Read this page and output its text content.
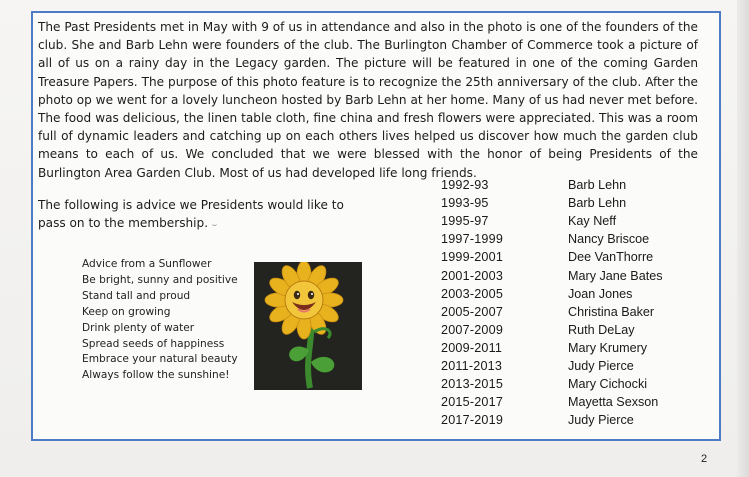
The Past Presidents met in May with 9 of us in attendance and also in the photo is one of the founders of the club. She and Barb Lehn were founders of the club. The Burlington Chamber of Commerce took a picture of all of us on a rainy day in the Legacy garden. The picture will be featured in one of the coming Garden Treasure Papers. The purpose of this photo feature is to recognize the 25th anniversary of the club. After the photo op we went for a lovely luncheon hosted by Barb Lehn at her home. Many of us had never met before. The food was delicious, the linen table cloth, fine china and fresh flowers were appreciated. This was a room full of dynamic leaders and catching up on each others lives helped us discover how much the garden club means to each of us. We concluded that we were blessed with the honor of being Presidents of the Burlington Area Garden Club. Most of us had developed life long friends.
The following is advice we Presidents would like to pass on to the membership.
Advice from a Sunflower
Be bright, sunny and positive
Stand tall and proud
Keep on growing
Drink plenty of water
Spread seeds of happiness
Embrace your natural beauty
Always follow the sunshine!
1992-93	Barb Lehn
1993-95	Barb Lehn
1995-97	Kay Neff
1997-1999	Nancy Briscoe
1999-2001	Dee VanThorre
2001-2003	Mary Jane Bates
2003-2005	Joan Jones
2005-2007	Christina Baker
2007-2009	Ruth DeLay
2009-2011	Mary Krumery
2011-2013	Judy Pierce
2013-2015	Mary Cichocki
2015-2017	Mayetta Sexson
2017-2019	Judy Pierce
2
